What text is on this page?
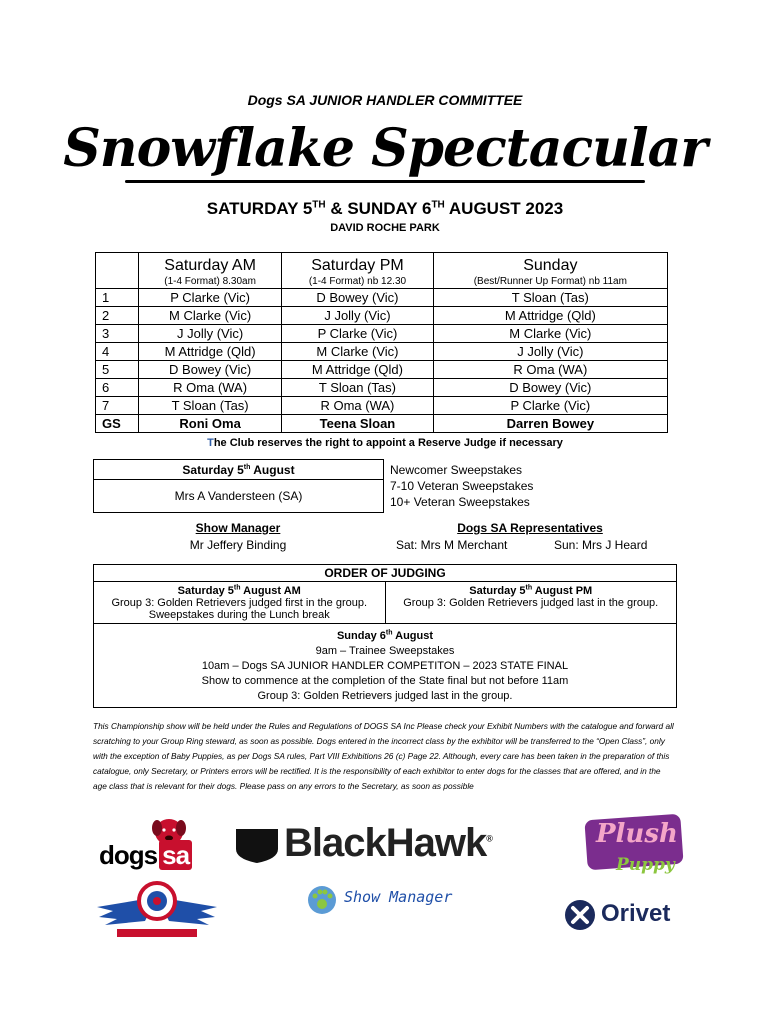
Dogs SA JUNIOR HANDLER COMMITTEE
Snowflake Spectacular
SATURDAY 5TH & SUNDAY 6TH AUGUST 2023
DAVID ROCHE PARK
	Saturday AM	Saturday PM	Sunday
	(1-4 Format) 8.30am	(1-4 Format) nb 12.30	(Best/Runner Up Format) nb 11am
1	P Clarke (Vic)	D Bowey (Vic)	T Sloan (Tas)
2	M Clarke (Vic)	J Jolly (Vic)	M Attridge (Qld)
3	J Jolly (Vic)	P Clarke (Vic)	M Clarke (Vic)
4	M Attridge (Qld)	M Clarke (Vic)	J Jolly (Vic)
5	D Bowey (Vic)	M Attridge (Qld)	R Oma (WA)
6	R Oma (WA)	T Sloan (Tas)	D Bowey (Vic)
7	T Sloan (Tas)	R Oma (WA)	P Clarke (Vic)
GS	Roni Oma	Teena Sloan	Darren Bowey
The Club reserves the right to appoint a Reserve Judge if necessary
Saturday 5th August	Newcomer Sweepstakes
7-10 Veteran Sweepstakes
10+ Veteran Sweepstakes

Mrs A Vandersteen (SA)
Show Manager
Mr Jeffery Binding
Dogs SA Representatives
Sat: Mrs M Merchant	Sun: Mrs J Heard
ORDER OF JUDGING
Saturday 5th August AM
Group 3: Golden Retrievers judged first in the group.
Sweepstakes during the Lunch break
Saturday 5th August PM
Group 3: Golden Retrievers judged last in the group.
Sunday 6th August
9am – Trainee Sweepstakes
10am – Dogs SA JUNIOR HANDLER COMPETITON – 2023 STATE FINAL
Show to commence at the completion of the State final but not before 11am
Group 3: Golden Retrievers judged last in the group.
This Championship show will be held under the Rules and Regulations of DOGS SA Inc Please check your Exhibit Numbers with the catalogue and forward all scratching to your Group Ring steward, as soon as possible. Dogs entered in the incorrect class by the exhibitor will be transferred to the “Open Class”, only with the exception of Baby Puppies, as per Dogs SA rules, Part VIII Exhibitions 26 (c) Page 22. Although, every care has been taken in the preparation of this catalogue, only Secretary, or Printers errors will be rectified. It is the responsibility of each exhibitor to enter dogs for the classes that are offered, and in the age class that is relevant for their dogs. Please pass on any errors to the Secretary, as soon as possible
dogs sa BlackHawk®	Plush
Puppy
Show Manager
Orivet
